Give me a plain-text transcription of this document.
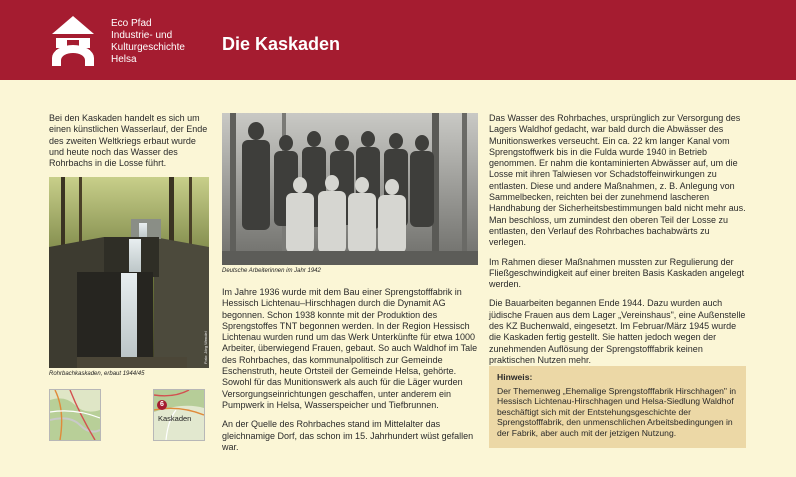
Eco Pfad
Industrie- und
Kulturgeschichte
Helsa
Die Kaskaden
Bei den Kaskaden handelt es sich um einen künstlichen Wasserlauf, der Ende des zweiten Weltkriegs erbaut wurde und heute noch das Wasser des Rohrbachs in die Losse führt.
Foto: Jörg Wendel
Rohrbachkaskaden, erbaut 1944/45
6
Kaskaden
Deutsche Arbeiterinnen im Jahr 1942

Im Jahre 1936 wurde mit dem Bau einer Sprengstofffabrik in Hessisch Lichtenau–Hirschhagen durch die Dynamit AG begonnen. Schon 1938 konnte mit der Produktion des Sprengstoffes TNT begonnen werden. In der Region Hessisch Lichtenau wurden rund um das Werk Unterkünfte für etwa 1000 Arbeiter, überwiegend Frauen, gebaut. So auch Waldhof im Tale des Rohrbaches, das kommunalpolitisch zur Gemeinde Eschenstruth, heute Ortsteil der Gemeinde Helsa, gehörte. Sowohl für das Munitionswerk als auch für die Läger wurden Versorgungseinrichtungen geschaffen, unter anderem ein Pumpwerk in Helsa, Wasserspeicher und Tiefbrunnen.

An der Quelle des Rohrbaches stand im Mittelalter das gleichnamige Dorf, das schon im 15. Jahrhundert wüst gefallen war.

Das Wasser des Rohrbaches, ursprünglich zur Versorgung des Lagers Waldhof gedacht, war bald durch die Abwässer des Munitionswerkes verseucht. Ein ca. 22 km langer Kanal vom Sprengstoffwerk bis in die Fulda wurde 1940 in Betrieb genommen. Er nahm die kontaminierten Abwässer auf, um die Losse mit ihren Talwiesen vor Schadstoffeinwirkungen zu entlasten. Diese und andere Maßnahmen, z. B. Anlegung von Sammelbecken, reichten bei der zunehmend lascheren Handhabung der Sicherheitsbestimmungen bald nicht mehr aus. Man beschloss, um zumindest den oberen Teil der Losse zu entlasten, den Verlauf des Rohrbaches bachabwärts zu verlegen.

Im Rahmen dieser Maßnahmen mussten zur Regulierung der Fließgeschwindigkeit auf einer breiten Basis Kaskaden angelegt werden.

Die Bauarbeiten begannen Ende 1944. Dazu wurden auch jüdische Frauen aus dem Lager „Vereinshaus", eine Außenstelle des KZ Buchenwald, eingesetzt. Im Februar/März 1945 wurde die Kaskaden fertig gestellt. Sie hatten jedoch wegen der zunehmenden Auflösung der Sprengstofffabrik keinen praktischen Nutzen mehr.

Hinweis:
Der Themenweg „Ehemalige Sprengstofffabrik Hirschhagen" in Hessisch Lichtenau-Hirschhagen und Helsa-Siedlung Waldhof beschäftigt sich mit der Entstehungsgeschichte der Sprengstofffabrik, den unmenschlichen Arbeitsbedingungen in der Fabrik, aber auch mit der jetzigen Nutzung.
